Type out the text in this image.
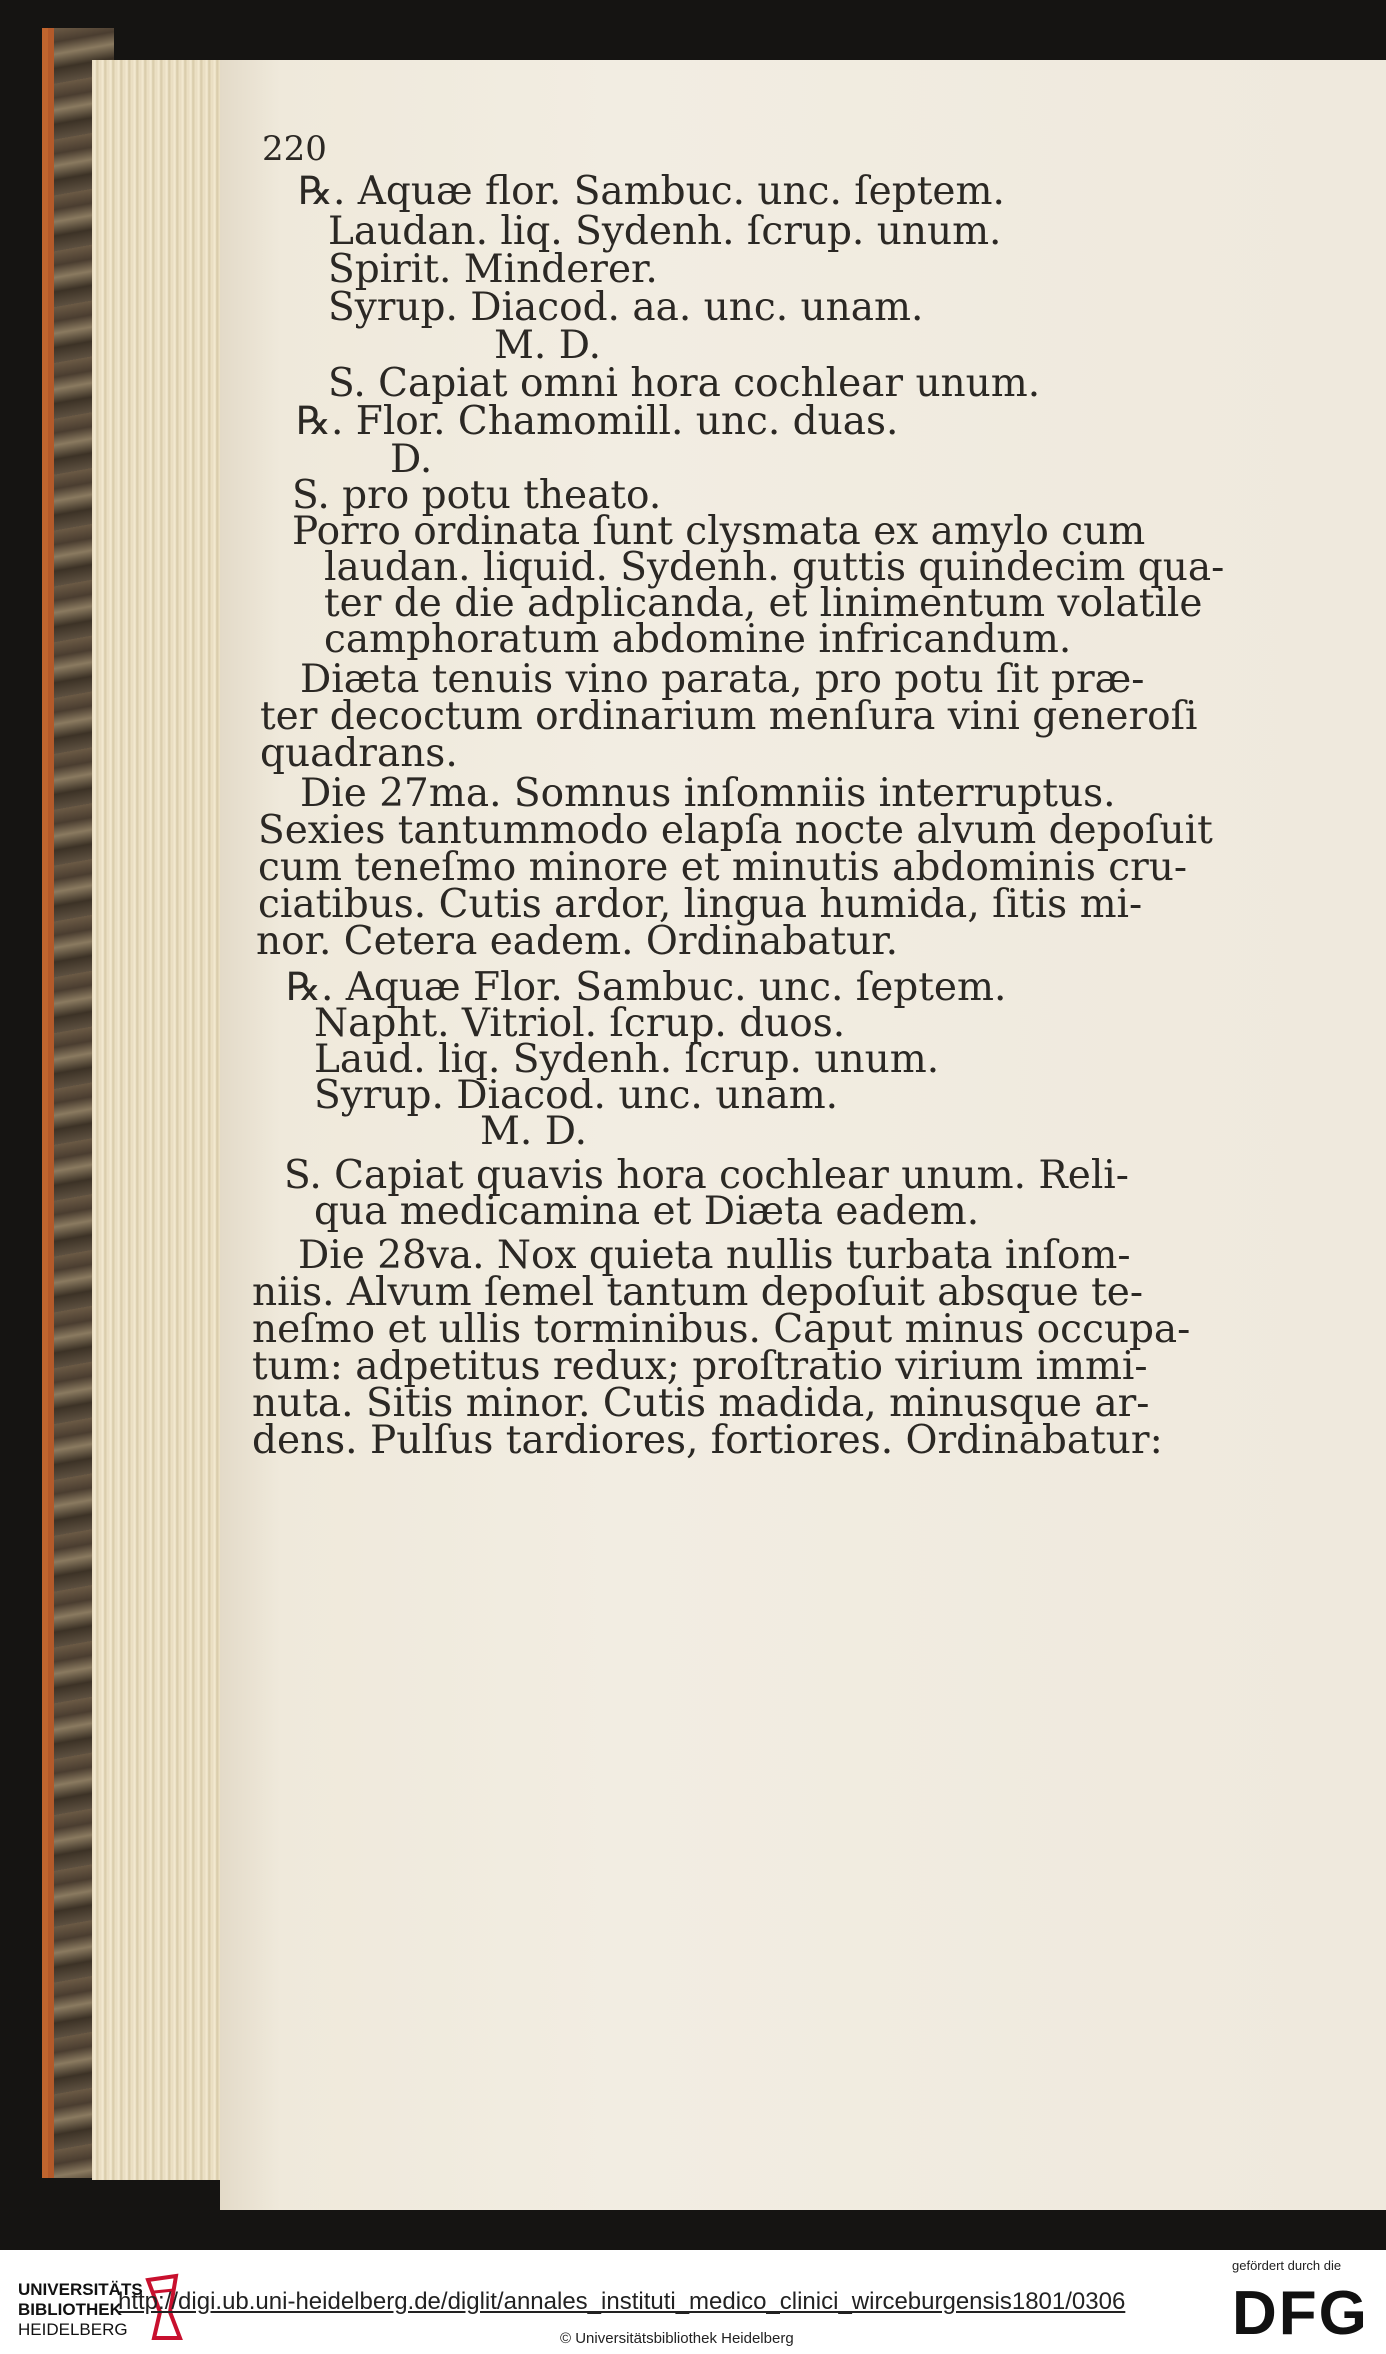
220
℞. Aquæ flor. Sambuc. unc. ſeptem.
Laudan. liq. Sydenh. ſcrup. unum.
Spirit. Minderer.
Syrup. Diacod. aa. unc. unam.
M. D.
S. Capiat omni hora cochlear unum.
℞. Flor. Chamomill. unc. duas.
D.
S. pro potu theato.
Porro ordinata ſunt clysmata ex amylo cum
laudan. liquid. Sydenh. guttis quindecim qua-
ter de die adplicanda, et linimentum volatile
camphoratum abdomine infricandum.
Diæta tenuis vino parata, pro potu ſit præ-
ter decoctum ordinarium menſura vini generoſi
quadrans.
Die 27ma. Somnus inſomniis interruptus.
Sexies tantummodo elapſa nocte alvum depoſuit
cum teneſmo minore et minutis abdominis cru-
ciatibus. Cutis ardor, lingua humida, ſitis mi-
nor. Cetera eadem. Ordinabatur.
℞. Aquæ Flor. Sambuc. unc. ſeptem.
Napht. Vitriol. ſcrup. duos.
Laud. liq. Sydenh. ſcrup. unum.
Syrup. Diacod. unc. unam.
M. D.
S. Capiat quavis hora cochlear unum. Reli-
qua medicamina et Diæta eadem.
Die 28va. Nox quieta nullis turbata inſom-
niis. Alvum ſemel tantum depoſuit absque te-
neſmo et ullis torminibus. Caput minus occupa-
tum: adpetitus redux; proſtratio virium immi-
nuta. Sitis minor. Cutis madida, minusque ar-
dens. Pulſus tardiores, fortiores. Ordinabatur:
UNIVERSITÄTS
BIBLIOTHEK
HEIDELBERG
http://digi.ub.uni-heidelberg.de/diglit/annales_instituti_medico_clinici_wirceburgensis1801/0306
© Universitätsbibliothek Heidelberg
gefördert durch die
DFG
